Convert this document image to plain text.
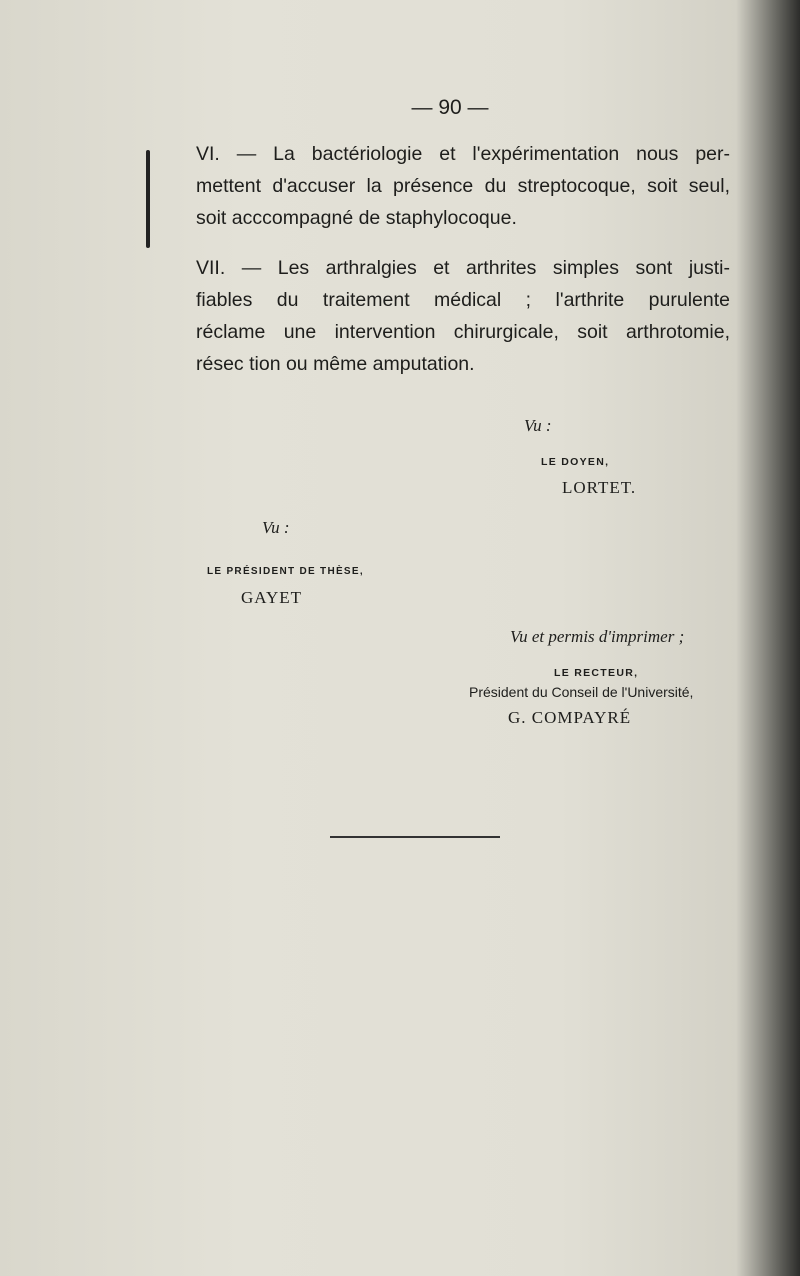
— 90 —
VI. — La bactériologie et l'expérimentation nous per-
mettent d'accuser la présence du streptocoque, soit seul,
soit acccompagné de staphylocoque.
VII. — Les arthralgies et arthrites simples sont justi-
fiables du traitement médical ; l'arthrite purulente
réclame une intervention chirurgicale, soit arthrotomie,
résec tion ou même amputation.

Vu :

LE DOYEN,

LORTET.

Vu :

LE PRÉSIDENT DE THÈSE,

GAYET

Vu et permis d'imprimer ;

LE RECTEUR,

Président du Conseil de l'Université,

G. COMPAYRÉ
